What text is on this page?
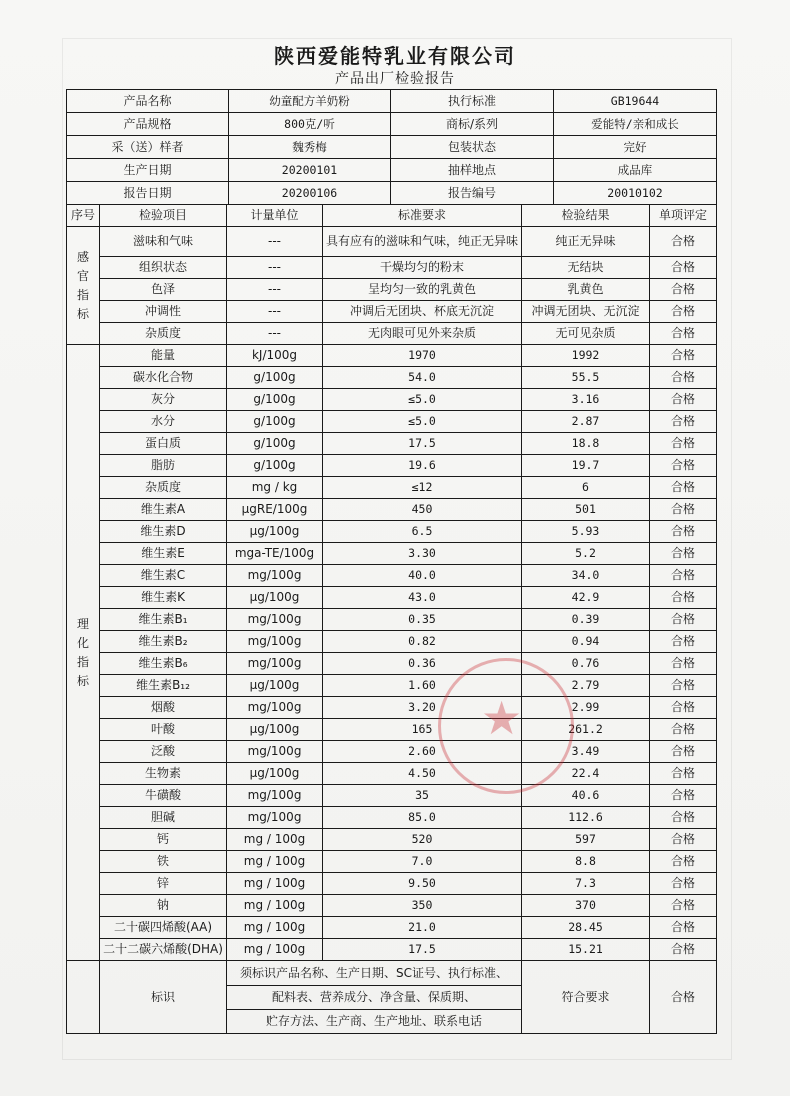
陕西爱能特乳业有限公司
产品出厂检验报告
产品名称	幼童配方羊奶粉	执行标准	GB19644
产品规格	800克/听	商标/系列	爱能特/亲和成长
采（送）样者	魏秀梅	包装状态	完好
生产日期	20200101	抽样地点	成品库
报告日期	20200106	报告编号	20010102
序号	检验项目	计量单位	标准要求	检验结果	单项评定
感官指标	滋味和气味	---	具有应有的滋味和气味，纯正无异味	纯正无异味	合格
	组织状态	---	干燥均匀的粉末	无结块	合格
	色泽	---	呈均匀一致的乳黄色	乳黄色	合格
	冲调性	---	冲调后无团块、杯底无沉淀	冲调无团块、无沉淀	合格
	杂质度	---	无肉眼可见外来杂质	无可见杂质	合格
理化指标	能量	kJ/100g	1970	1992	合格
	碳水化合物	g/100g	54.0	55.5	合格
	灰分	g/100g	≤5.0	3.16	合格
	水分	g/100g	≤5.0	2.87	合格
	蛋白质	g/100g	17.5	18.8	合格
	脂肪	g/100g	19.6	19.7	合格
	杂质度	mg / kg	≤12	6	合格
	维生素A	μgRE/100g	450	501	合格
	维生素D	μg/100g	6.5	5.93	合格
	维生素E	mga-TE/100g	3.30	5.2	合格
	维生素C	mg/100g	40.0	34.0	合格
	维生素K	μg/100g	43.0	42.9	合格
	维生素B₁	mg/100g	0.35	0.39	合格
	维生素B₂	mg/100g	0.82	0.94	合格
	维生素B₆	mg/100g	0.36	0.76	合格
	维生素B₁₂	μg/100g	1.60	2.79	合格
	烟酸	mg/100g	3.20	2.99	合格
	叶酸	μg/100g	165	261.2	合格
	泛酸	mg/100g	2.60	3.49	合格
	生物素	μg/100g	4.50	22.4	合格
	牛磺酸	mg/100g	35	40.6	合格
	胆碱	mg/100g	85.0	112.6	合格
	钙	mg / 100g	520	597	合格
	铁	mg / 100g	7.0	8.8	合格
	锌	mg / 100g	9.50	7.3	合格
	钠	mg / 100g	350	370	合格
	二十碳四烯酸(AA)	mg / 100g	21.0	28.45	合格
	二十二碳六烯酸(DHA)	mg / 100g	17.5	15.21	合格
	标识	须标识产品名称、生产日期、SC证号、执行标准、
配料表、营养成分、净含量、保质期、
贮存方法、生产商、生产地址、联系电话		符合要求	合格
★
